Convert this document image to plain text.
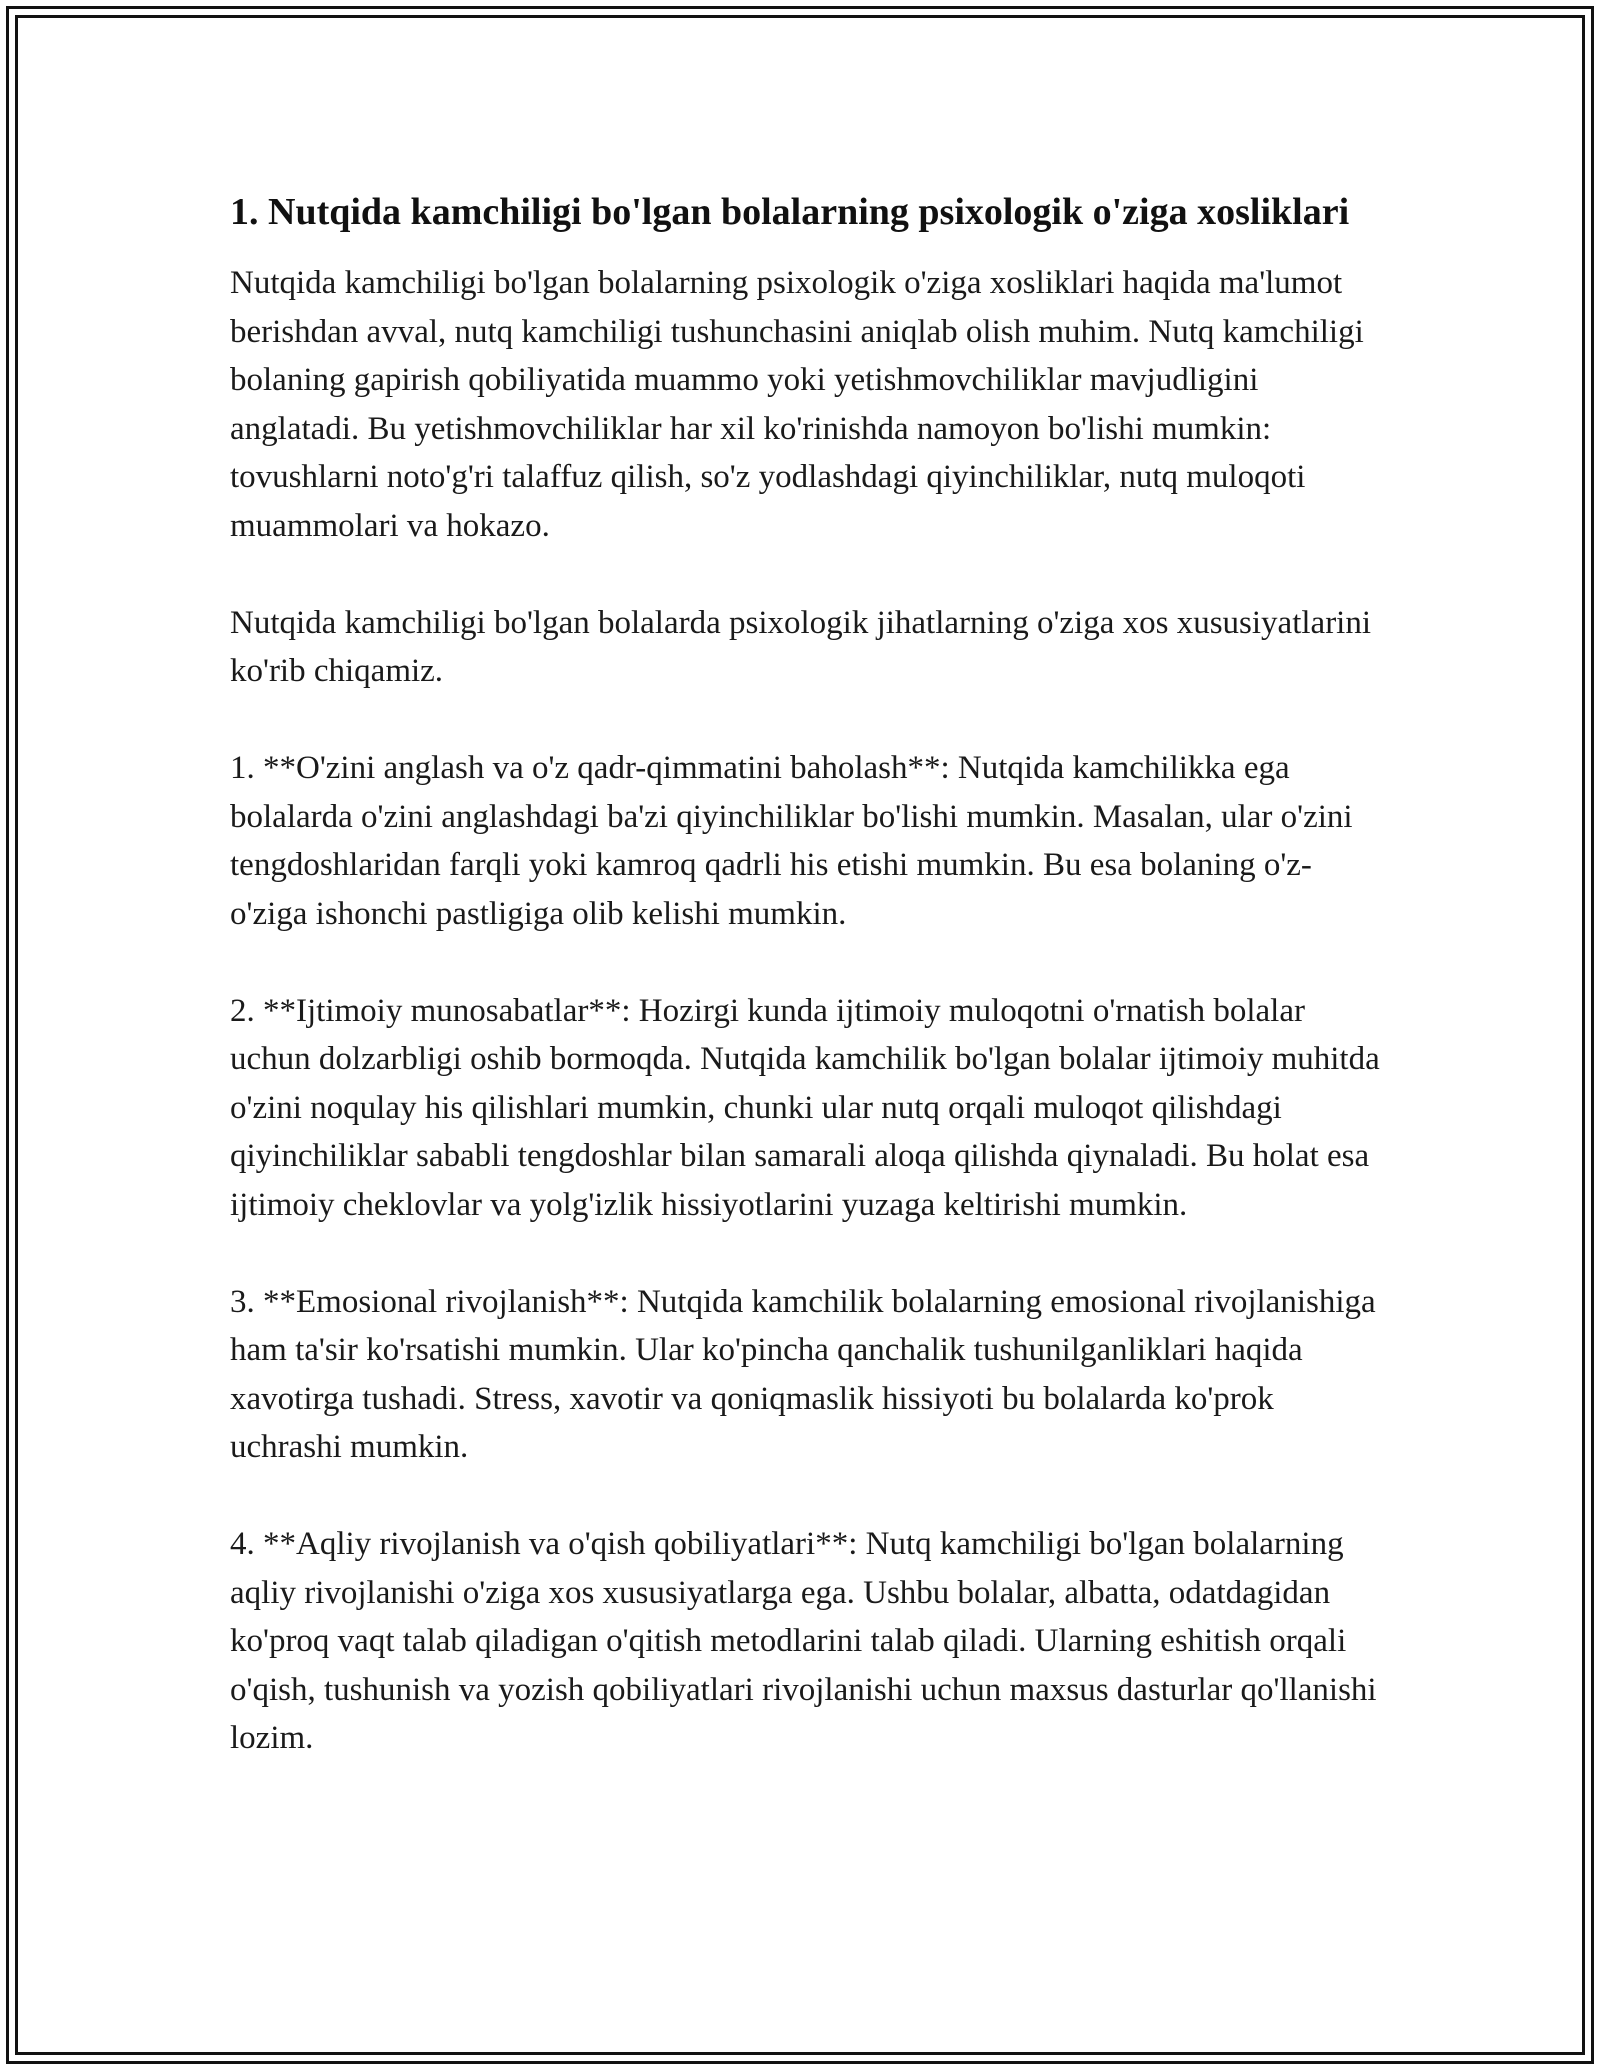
1. Nutqida kamchiligi bo'lgan bolalarning psixologik o'ziga xosliklari

Nutqida kamchiligi bo'lgan bolalarning psixologik o'ziga xosliklari haqida ma'lumot berishdan avval, nutq kamchiligi tushunchasini aniqlab olish muhim. Nutq kamchiligi bolaning gapirish qobiliyatida muammo yoki yetishmovchiliklar mavjudligini anglatadi. Bu yetishmovchiliklar har xil ko'rinishda namoyon bo'lishi mumkin: tovushlarni noto'g'ri talaffuz qilish, so'z yodlashdagi qiyinchiliklar, nutq muloqoti muammolari va hokazo.

Nutqida kamchiligi bo'lgan bolalarda psixologik jihatlarning o'ziga xos xususiyatlarini ko'rib chiqamiz.

1. **O'zini anglash va o'z qadr-qimmatini baholash**: Nutqida kamchilikka ega bolalarda o'zini anglashdagi ba'zi qiyinchiliklar bo'lishi mumkin. Masalan, ular o'zini tengdoshlaridan farqli yoki kamroq qadrli his etishi mumkin. Bu esa bolaning o'z-o'ziga ishonchi pastligiga olib kelishi mumkin.

2. **Ijtimoiy munosabatlar**: Hozirgi kunda ijtimoiy muloqotni o'rnatish bolalar uchun dolzarbligi oshib bormoqda. Nutqida kamchilik bo'lgan bolalar ijtimoiy muhitda o'zini noqulay his qilishlari mumkin, chunki ular nutq orqali muloqot qilishdagi qiyinchiliklar sababli tengdoshlar bilan samarali aloqa qilishda qiynaladi. Bu holat esa ijtimoiy cheklovlar va yolg'izlik hissiyotlarini yuzaga keltirishi mumkin.

3. **Emosional rivojlanish**: Nutqida kamchilik bolalarning emosional rivojlanishiga ham ta'sir ko'rsatishi mumkin. Ular ko'pincha qanchalik tushunilganliklari haqida xavotirga tushadi. Stress, xavotir va qoniqmaslik hissiyoti bu bolalarda ko'prok uchrashi mumkin.

4. **Aqliy rivojlanish va o'qish qobiliyatlari**: Nutq kamchiligi bo'lgan bolalarning aqliy rivojlanishi o'ziga xos xususiyatlarga ega. Ushbu bolalar, albatta, odatdagidan ko'proq vaqt talab qiladigan o'qitish metodlarini talab qiladi. Ularning eshitish orqali o'qish, tushunish va yozish qobiliyatlari rivojlanishi uchun maxsus dasturlar qo'llanishi lozim.
